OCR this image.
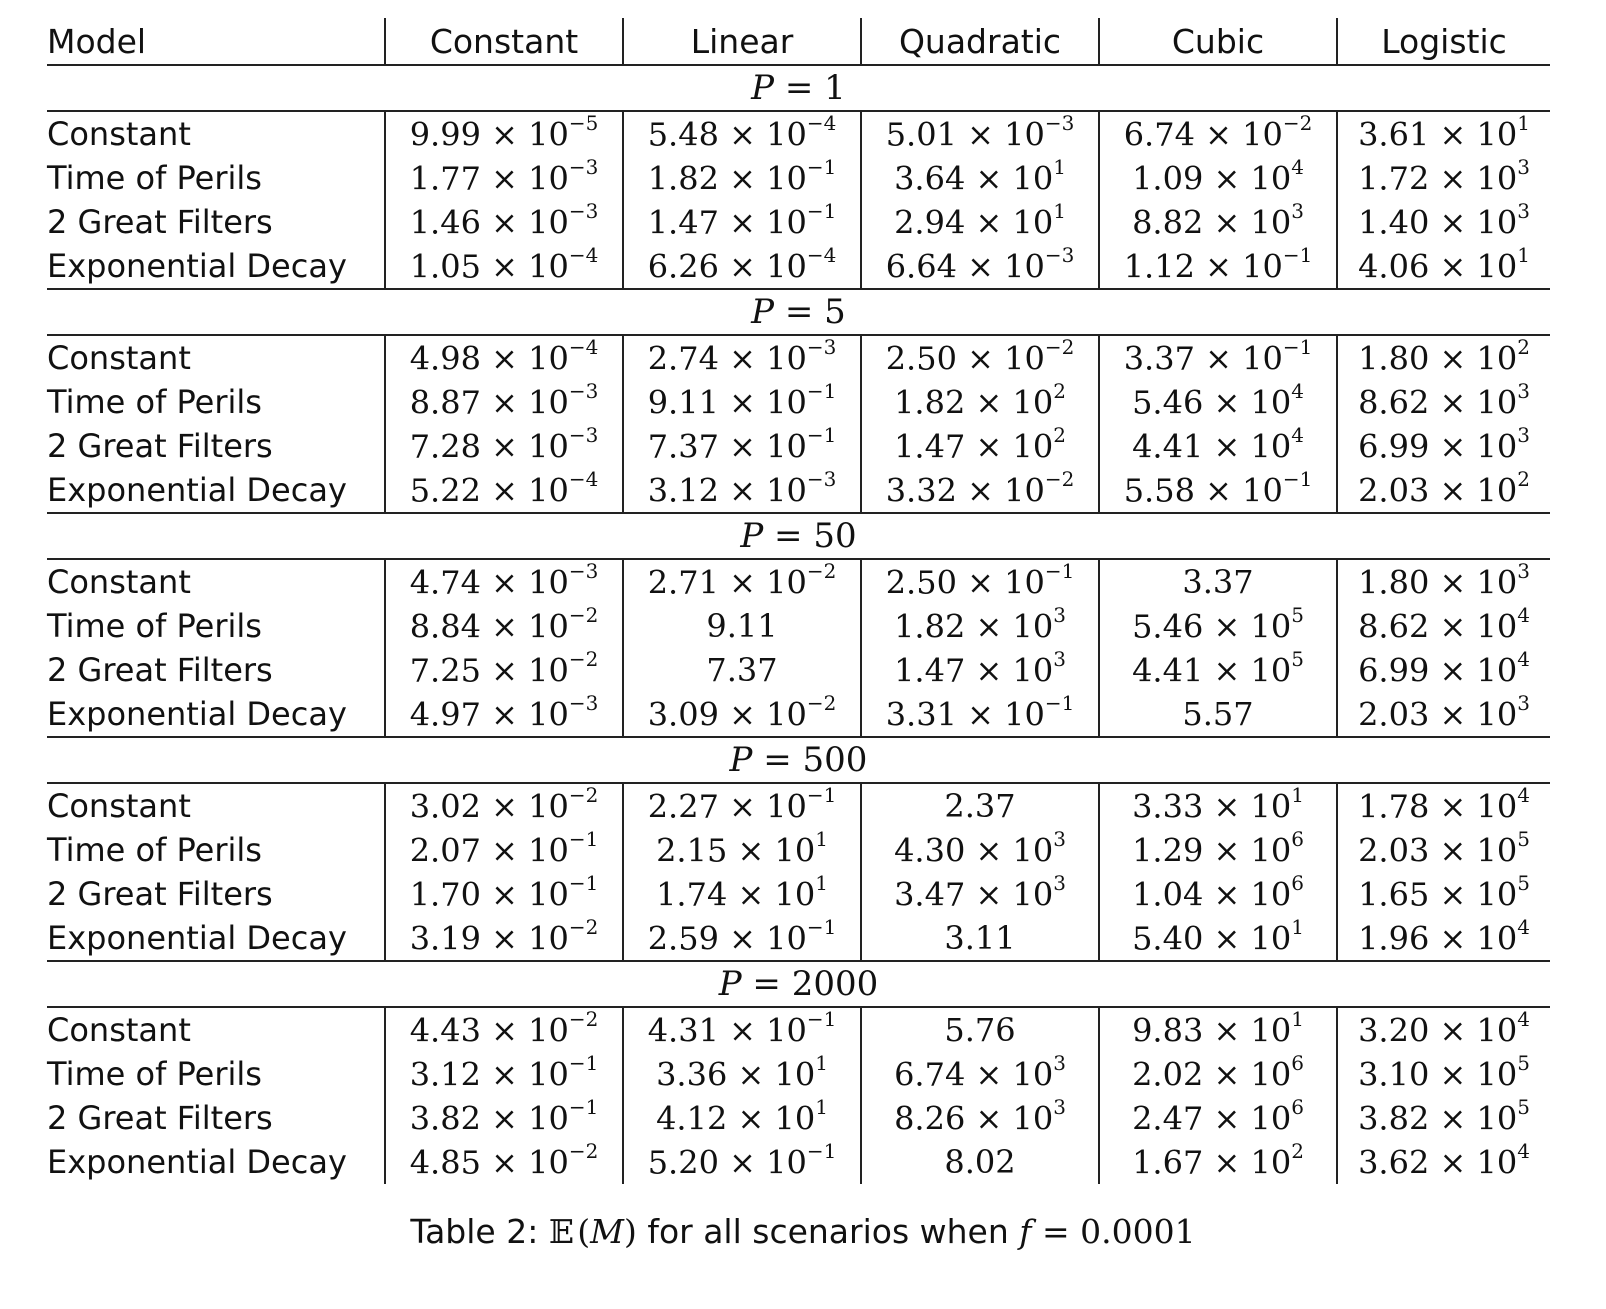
Model	Constant	Linear	Quadratic	Cubic	Logistic
P = 1					
Constant	$9.99 \times 10^{-5}$	$5.48 \times 10^{-4}$	$5.01 \times 10^{-3}$	$6.74 \times 10^{-2}$	$3.61 \times 10^1$
Time of Perils	$1.77 \times 10^{-3}$	$1.82 \times 10^{-1}$	$3.64 \times 10^1$	$1.09 \times 10^4$	$1.72 \times 10^3$
2 Great Filters	$1.46 \times 10^{-3}$	$1.47 \times 10^{-1}$	$2.94 \times 10^1$	$8.82 \times 10^3$	$1.40 \times 10^3$
Exponential Decay	$1.05 \times 10^{-4}$	$6.26 \times 10^{-4}$	$6.64 \times 10^{-3}$	$1.12 \times 10^{-1}$	$4.06 \times 10^1$
P = 5					
Constant	$4.98 \times 10^{-4}$	$2.74 \times 10^{-3}$	$2.50 \times 10^{-2}$	$3.37 \times 10^{-1}$	$1.80 \times 10^2$
Time of Perils	$8.87 \times 10^{-3}$	$9.11 \times 10^{-1}$	$1.82 \times 10^2$	$5.46 \times 10^4$	$8.62 \times 10^3$
2 Great Filters	$7.28 \times 10^{-3}$	$7.37 \times 10^{-1}$	$1.47 \times 10^2$	$4.41 \times 10^4$	$6.99 \times 10^3$
Exponential Decay	$5.22 \times 10^{-4}$	$3.12 \times 10^{-3}$	$3.32 \times 10^{-2}$	$5.58 \times 10^{-1}$	$2.03 \times 10^2$
P = 50					
Constant	$4.74 \times 10^{-3}$	$2.71 \times 10^{-2}$	$2.50 \times 10^{-1}$	3.37	$1.80 \times 10^3$
Time of Perils	$8.84 \times 10^{-2}$	9.11	$1.82 \times 10^3$	$5.46 \times 10^5$	$8.62 \times 10^4$
2 Great Filters	$7.25 \times 10^{-2}$	7.37	$1.47 \times 10^3$	$4.41 \times 10^5$	$6.99 \times 10^4$
Exponential Decay	$4.97 \times 10^{-3}$	$3.09 \times 10^{-2}$	$3.31 \times 10^{-1}$	5.57	$2.03 \times 10^3$
P = 500					
Constant	$3.02 \times 10^{-2}$	$2.27 \times 10^{-1}$	2.37	$3.33 \times 10^1$	$1.78 \times 10^4$
Time of Perils	$2.07 \times 10^{-1}$	$2.15 \times 10^1$	$4.30 \times 10^3$	$1.29 \times 10^6$	$2.03 \times 10^5$
2 Great Filters	$1.70 \times 10^{-1}$	$1.74 \times 10^1$	$3.47 \times 10^3$	$1.04 \times 10^6$	$1.65 \times 10^5$
Exponential Decay	$3.19 \times 10^{-2}$	$2.59 \times 10^{-1}$	3.11	$5.40 \times 10^1$	$1.96 \times 10^4$
P = 2000					
Constant	$4.43 \times 10^{-2}$	$4.31 \times 10^{-1}$	5.76	$9.83 \times 10^1$	$3.20 \times 10^4$
Time of Perils	$3.12 \times 10^{-1}$	$3.36 \times 10^1$	$6.74 \times 10^3$	$2.02 \times 10^6$	$3.10 \times 10^5$
2 Great Filters	$3.82 \times 10^{-1}$	$4.12 \times 10^1$	$8.26 \times 10^3$	$2.47 \times 10^6$	$3.82 \times 10^5$
Exponential Decay	$4.85 \times 10^{-2}$	$5.20 \times 10^{-1}$	8.02	$1.67 \times 10^2$	$3.62 \times 10^4$
Table 2: 𝔼 (M) for all scenarios when f = 0.0001
